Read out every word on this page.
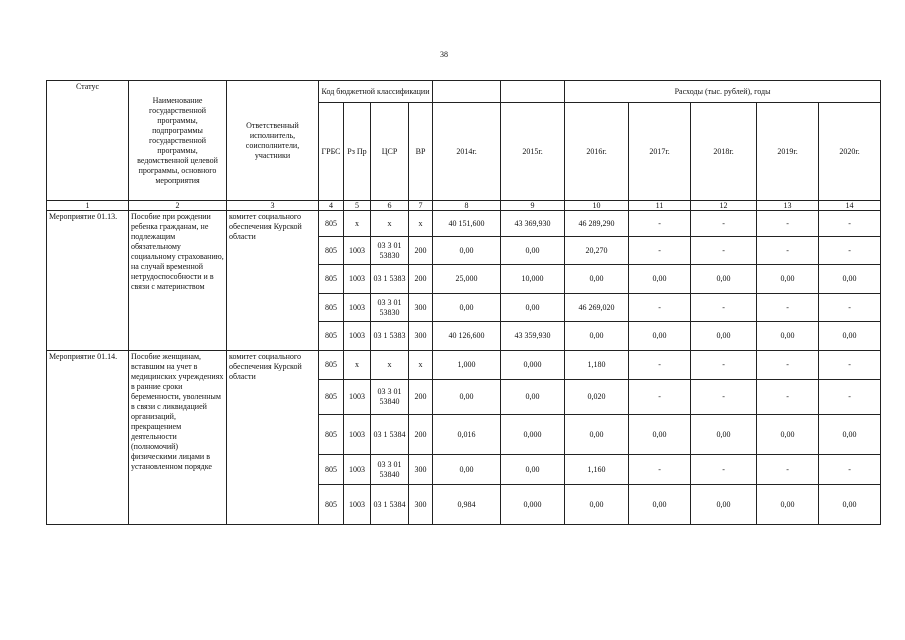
38
Статус	Наименование государственной программы, подпрограммы государственной программы, ведомственной целевой программы, основного мероприятия	Ответственный исполнитель, соисполнители, участники	Код бюджетной классификации						Расходы (тыс. рублей), годы				
			ГРБС	Рз Пр	ЦСР	ВР	2014г.	2015г.	2016г.	2017г.	2018г.	2019г.	2020г.
1	2	3	4	5	6	7	8	9	10	11	12	13	14
Мероприятие 01.13.	Пособие при рождении ребенка гражданам, не подлежащим обязательному социальному страхованию, на случай временной нетрудоспособности и в связи с материнством	комитет социального обеспечения Курской области	805	х	х	х	40 151,600	43 369,930	46 289,290	-	-	-	-
			805	1003	03 3 01 53830	200	0,00	0,00	20,270	-	-	-	-
			805	1003	03 1 5383	200	25,000	10,000	0,00	0,00	0,00	0,00	0,00
			805	1003	03 3 01 53830	300	0,00	0,00	46 269,020	-	-	-	-
			805	1003	03 1 5383	300	40 126,600	43 359,930	0,00	0,00	0,00	0,00	0,00
Мероприятие 01.14.	Пособие женщинам, вставшим на учет в медицинских учреждениях в ранние сроки беременности, уволенным в связи с ликвидацией организаций, прекращением деятельности (полномочий) физическими лицами в установленном порядке	комитет социального обеспечения Курской области	805	х	х	х	1,000	0,000	1,180	-	-	-	-
			805	1003	03 3 01 53840	200	0,00	0,00	0,020	-	-	-	-
			805	1003	03 1 5384	200	0,016	0,000	0,00	0,00	0,00	0,00	0,00
			805	1003	03 3 01 53840	300	0,00	0,00	1,160	-	-	-	-
			805	1003	03 1 5384	300	0,984	0,000	0,00	0,00	0,00	0,00	0,00
